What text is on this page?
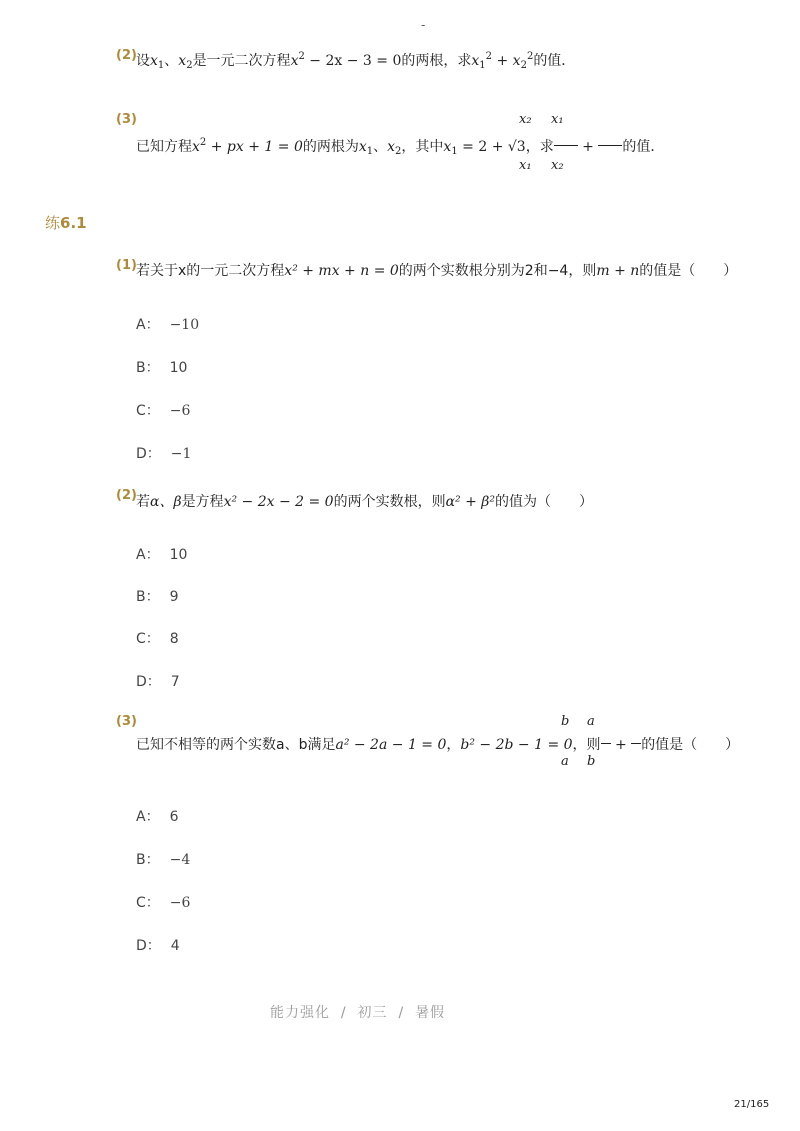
-
(2) 设$x_1$、$x_2$是一元二次方程$x^2 - 2x - 3 = 0$的两根，求$x_1^2 + x_2^2$的值．
(3)	x₂ x₁
已知方程$x^2$ + px + 1 = 0的两根为$x_1$、$x_2$，其中$x_1 = 2 + √3$，求 + 的值．
x₁ x₂
练6.1
(1) 若关于x的一元二次方程x² + mx + n = 0的两个实数根分别为2和−4，则m + n的值是（　　）
A： −10
B： 10
C： −6
D： −1
(2) 若α、β是方程x² − 2x − 2 = 0的两个实数根，则α² + β²的值为（　　）
A： 10
B： 9
C： 8
D： 7
(3)	b a
已知不相等的两个实数a、b满足a² − 2a − 1 = 0，b² − 2b − 1 = 0，则 + 的值是（　　）
a b
A： 6
B： −4
C： −6
D： 4
能力强化 / 初三 / 暑假
21/165
